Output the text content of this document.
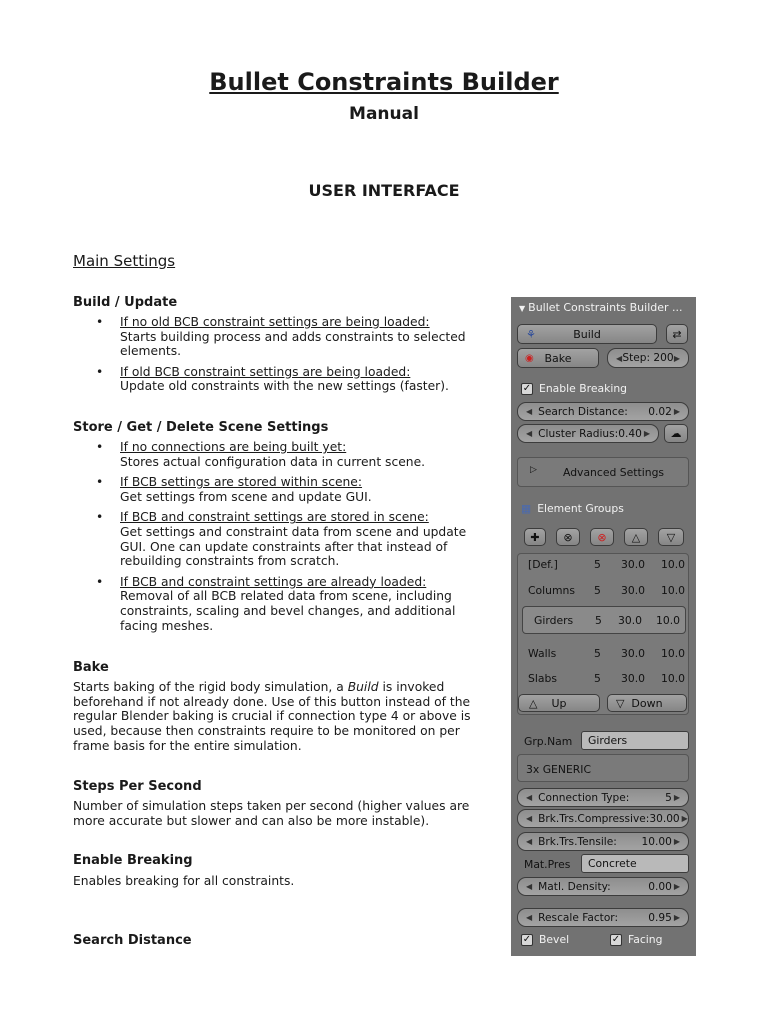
Bullet Constraints Builder
Manual
USER INTERFACE
Main Settings
Build / Update
• If no old BCB constraint settings are being loaded:
Starts building process and adds constraints to selected elements.
• If old BCB constraint settings are being loaded:
Update old constraints with the new settings (faster).
Store / Get / Delete Scene Settings
• If no connections are being built yet:
Stores actual configuration data in current scene.
• If BCB settings are stored within scene:
Get settings from scene and update GUI.
• If BCB and constraint settings are stored in scene:
Get settings and constraint data from scene and update GUI. One can update constraints after that instead of rebuilding constraints from scratch.
• If BCB and constraint settings are already loaded:
Removal of all BCB related data from scene, including constraints, scaling and bevel changes, and additional facing meshes.
Bake

Starts baking of the rigid body simulation, a Build is invoked beforehand if not already done. Use of this button instead of the regular Blender baking is crucial if connection type 4 or above is used, because then constraints require to be monitored on per frame basis for the entire simulation.

Steps Per Second

Number of simulation steps taken per second (higher values are more accurate but slower and can also be more instable).

Enable Breaking

Enables breaking for all constraints.

Search Distance
▼ Bullet Constraints Builder ...
⚘	Build	⇄
◉ Bake	◀ Step: 200 ▶
✓ Enable Breaking
◀ Search Distance:	0.02 ▶
◀ Cluster Radius: 0.40 ▶ ☁
▷ Advanced Settings
▦ Element Groups
✚ ⊗ ⊗ △ ▽
[Def.]	5 30.0 10.0
Columns 5 30.0 10.0
Girders 5 30.0 10.0
Walls	5 30.0 10.0
Slabs	5 30.0 10.0
△ Up	▽ Down
Grp.Nam	Girders
3x GENERIC
◀ Connection Type:	5 ▶
◀ Brk.Trs.Compressive: 30.00 ▶
◀ Brk.Trs.Tensile:	10.00 ▶
Mat.Pres	Concrete
◀ Matl. Density:	0.00 ▶
◀ Rescale Factor:	0.95 ▶
✓ Bevel	✓ Facing
